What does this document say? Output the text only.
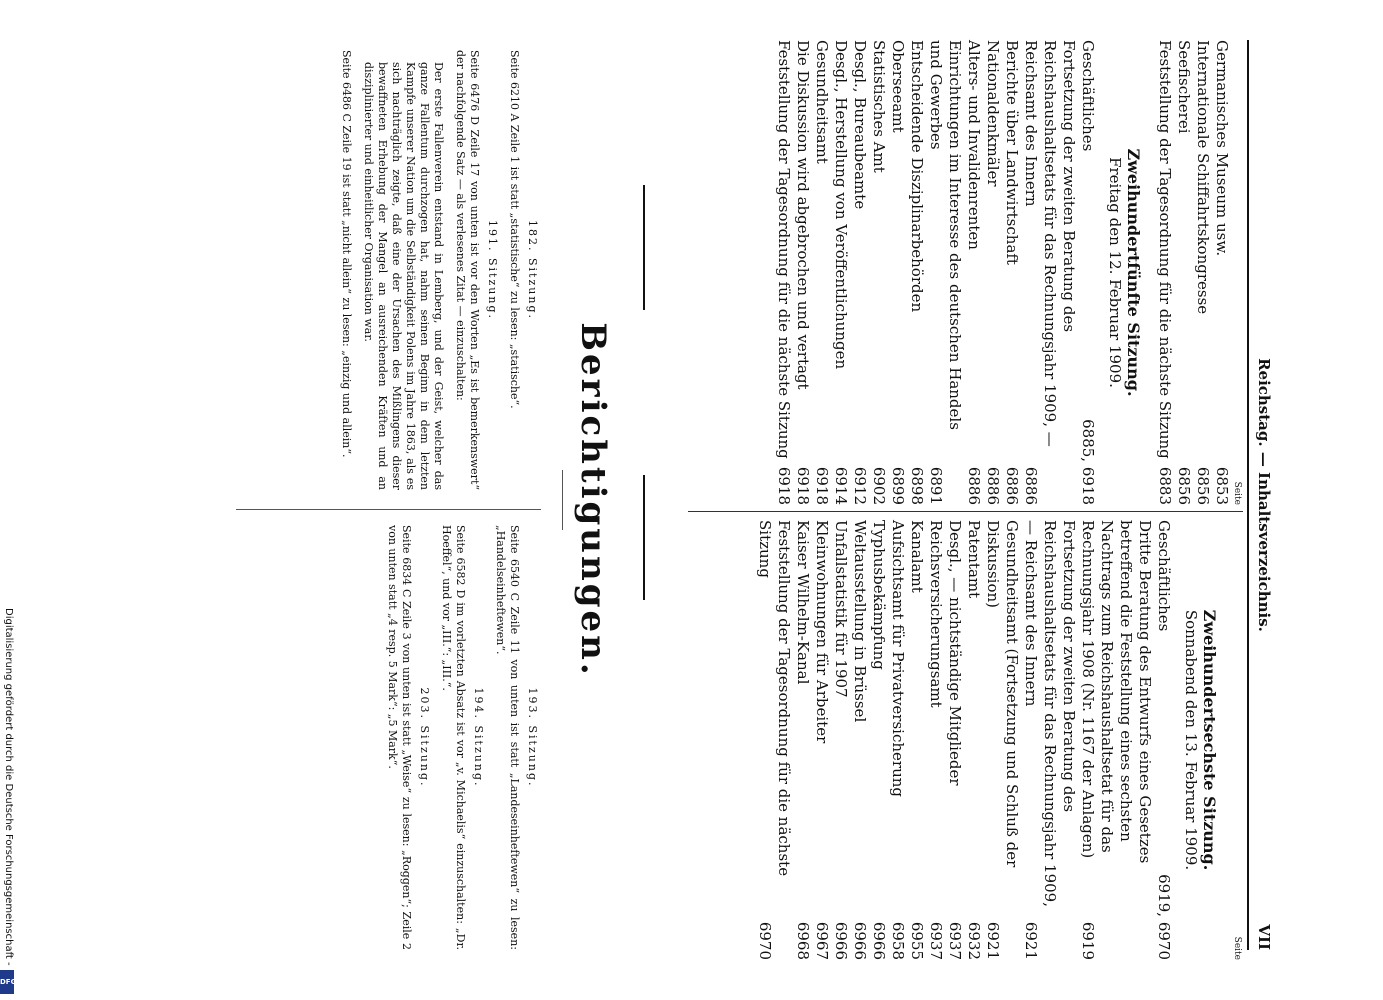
Reichstag. — Inhaltsverzeichnis.
VII
Seite
Germanisches Museum usw.
6853
Internationale Schiffahrtskongresse
6856
Seefischerei
6856
Feststellung der Tagesordnung für die nächste Sitzung
6883
Zweihundertfünfte Sitzung.
Freitag den 12. Februar 1909.
Geschäftliches
6885, 6918
Fortsetzung der zweiten Beratung des Reichshaushaltsetats für das Rechnungsjahr 1909, — Reichsamt des Innern
6886
Berichte über Landwirtschaft
6886
Nationaldenkmäler
6886
Alters- und Invalidenrenten
6886
Einrichtungen im Interesse des deutschen Handels und Gewerbes
6891
Entscheidende Disziplinarbehörden
6898
Oberseeamt
6899
Statistisches Amt
6902
Desgl., Bureaubeamte
6912
Desgl., Herstellung von Veröffentlichungen
6914
Gesundheitsamt
6918
Die Diskussion wird abgebrochen und vertagt
6918
Feststellung der Tagesordnung für die nächste Sitzung
6918
Seite
Zweihundertsechste Sitzung.
Sonnabend den 13. Februar 1909.
Geschäftliches
6919, 6970
Dritte Beratung des Entwurfs eines Gesetzes betreffend die Feststellung eines sechsten Nachtrags zum Reichshaushaltsetat für das Rechnungsjahr 1908 (Nr. 1167 der Anlagen)
6919
Fortsetzung der zweiten Beratung des Reichshaushaltsetats für das Rechnungsjahr 1909, — Reichsamt des Innern
6921
Gesundheitsamt (Fortsetzung und Schluß der Diskussion)
6921
Patentamt
6932
Desgl., — nichtständige Mitglieder
6937
Reichsversicherungsamt
6937
Kanalamt
6955
Aufsichtsamt für Privatversicherung
6958
Typhusbekämpfung
6966
Weltausstellung in Brüssel
6966
Unfallstatistik für 1907
6966
Kleinwohnungen für Arbeiter
6967
Kaiser Wilhelm-Kanal
6968
Feststellung der Tagesordnung für die nächste Sitzung
6970
Berichtigungen.
182. Sitzung.
Seite 6210 A Zeile 1 ist statt „statistische“ zu lesen: „statische“.
191. Sitzung.
Seite 6476 D Zeile 17 von unten ist vor den Worten „Es ist bemerkenswert“ der nachfolgende Satz — als verlesenes Zitat — einzuschalten:
Der erste Fallenverein entstand in Lemberg, und der Geist, welcher das ganze Fallentum durchzogen hat, nahm seinen Beginn in dem letzten Kampfe unserer Nation um die Selbständigkeit Polens im Jahre 1863, als es sich nachträglich zeigte, daß eine der Ursachen des Mißlingens dieser bewaffneten Erhebung der Mangel an ausreichenden Kräften und an disziplinierter und einheitlicher Organisation war.
Seite 6486 C Zeile 19 ist statt „nicht allein“ zu lesen: „einzig und allein“.
193. Sitzung.
Seite 6540 C Zeile 11 von unten ist statt „Landeseinheftewen“ zu lesen: „Handelseinheftewen“.
194. Sitzung.
Seite 6582 D im vorletzten Absatz ist vor „v. Michaelis“ einzuschalten: „Dr. Hoeffel“, und vor „III.“: „III.“.
203. Sitzung.
Seite 6834 C Zeile 3 von unten ist statt „Weise“ zu lesen: „Roggen“; Zeile 2 von unten statt „4 resp. 5 Mark“: „5 Mark“.
Digitalisierung gefördert durch die Deutsche Forschungsgemeinschaft -
DFG
